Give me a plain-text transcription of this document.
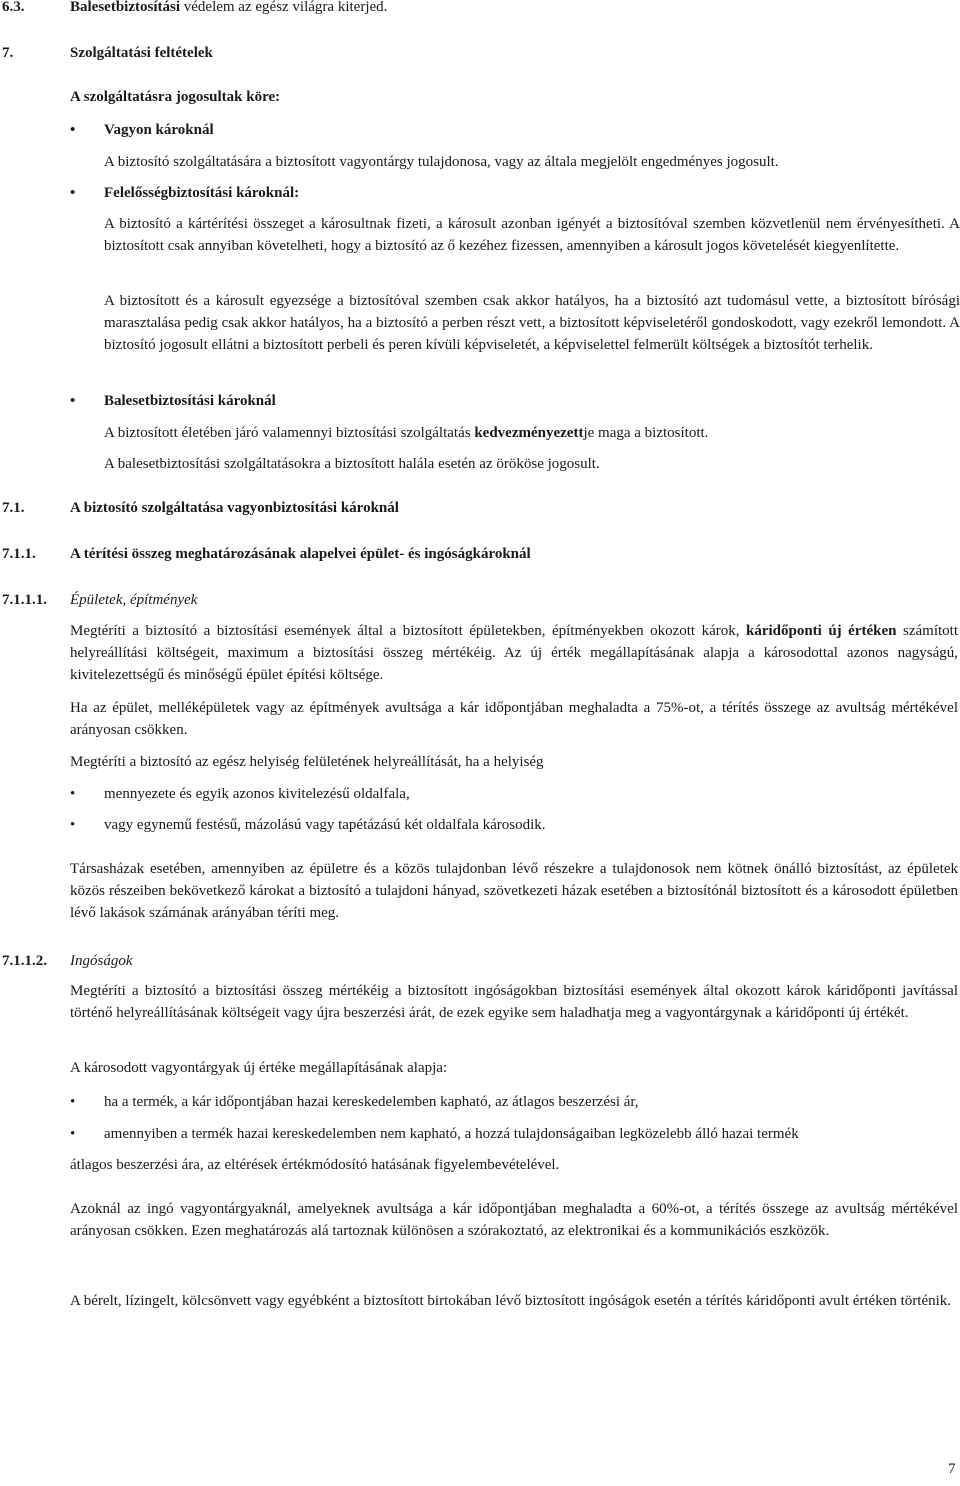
6.3.	Balesetbiztosítási védelem az egész világra kiterjed.
7.	Szolgáltatási feltételek
A szolgáltatásra jogosultak köre:
• Vagyon károknál
A biztosító szolgáltatására a biztosított vagyontárgy tulajdonosa, vagy az általa megjelölt engedményes jogosult.
• Felelősségbiztosítási károknál:
A biztosító a kártérítési összeget a károsultnak fizeti, a károsult azonban igényét a biztosítóval szemben közvetlenül nem érvényesítheti. A biztosított csak annyiban követelheti, hogy a biztosító az ő kezéhez fizessen, amennyiben a károsult jogos követelését kiegyenlítette.
A biztosított és a károsult egyezsége a biztosítóval szemben csak akkor hatályos, ha a biztosító azt tudomásul vette, a biztosított bírósági marasztalása pedig csak akkor hatályos, ha a biztosító a perben részt vett, a biztosított képviseletéről gondoskodott, vagy ezekről lemondott. A biztosító jogosult ellátni a biztosított perbeli és peren kívüli képviseletét, a képviselettel felmerült költségek a biztosítót terhelik.
• Balesetbiztosítási károknál
A biztosított életében járó valamennyi biztosítási szolgáltatás kedvezményezettje maga a biztosított.
A balesetbiztosítási szolgáltatásokra a biztosított halála esetén az örököse jogosult.
7.1.	A biztosító szolgáltatása vagyonbiztosítási károknál
7.1.1. A térítési összeg meghatározásának alapelvei épület- és ingóságkároknál
7.1.1.1. Épületek, építmények
Megtéríti a biztosító a biztosítási események által a biztosított épületekben, építményekben okozott károk, káridőponti új értéken számított helyreállítási költségeit, maximum a biztosítási összeg mértékéig. Az új érték megállapításának alapja a károsodottal azonos nagyságú, kivitelezettségű és minőségű épület építési költsége.
Ha az épület, melléképületek vagy az építmények avultsága a kár időpontjában meghaladta a 75%-ot, a térítés összege az avultság mértékével arányosan csökken.
Megtéríti a biztosító az egész helyiség felületének helyreállítását, ha a helyiség
• mennyezete és egyik azonos kivitelezésű oldalfala,
• vagy egynemű festésű, mázolású vagy tapétázású két oldalfala károsodik.
Társasházak esetében, amennyiben az épületre és a közös tulajdonban lévő részekre a tulajdonosok nem kötnek önálló biztosítást, az épületek közös részeiben bekövetkező károkat a biztosító a tulajdoni hányad, szövetkezeti házak esetében a biztosítónál biztosított és a károsodott épületben lévő lakások számának arányában téríti meg.
7.1.1.2. Ingóságok
Megtéríti a biztosító a biztosítási összeg mértékéig a biztosított ingóságokban biztosítási események által okozott károk káridőponti javítással történő helyreállításának költségeit vagy újra beszerzési árát, de ezek egyike sem haladhatja meg a vagyontárgynak a káridőponti új értékét.
A károsodott vagyontárgyak új értéke megállapításának alapja:
• ha a termék, a kár időpontjában hazai kereskedelemben kapható, az átlagos beszerzési ár,
• amennyiben a termék hazai kereskedelemben nem kapható, a hozzá tulajdonságaiban legközelebb álló hazai termék
átlagos beszerzési ára, az eltérések értékmódosító hatásának figyelembevételével.
Azoknál az ingó vagyontárgyaknál, amelyeknek avultsága a kár időpontjában meghaladta a 60%-ot, a térítés összege az avultság mértékével arányosan csökken. Ezen meghatározás alá tartoznak különösen a szórakoztató, az elektronikai és a kommunikációs eszközök.
A bérelt, lízingelt, kölcsönvett vagy egyébként a biztosított birtokában lévő biztosított ingóságok esetén a térítés káridőponti avult értéken történik.
7
